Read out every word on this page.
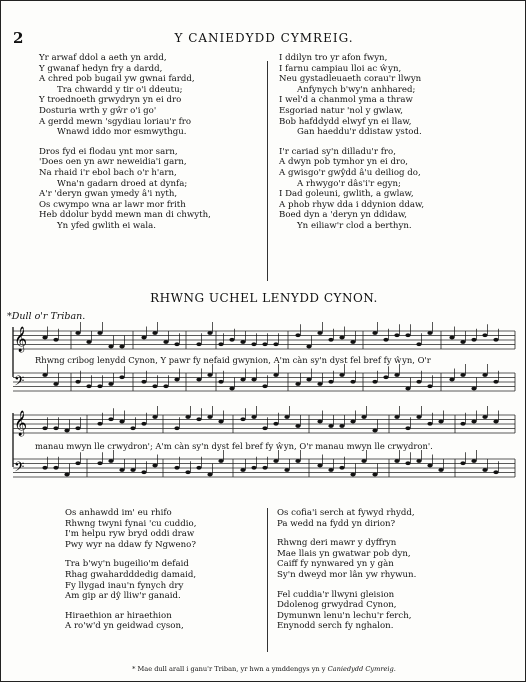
2	Y CANIEDYDD CYMREIG.
Yr arwaf ddol a aeth yn ardd,
Y gwanaf hedyn fry a dardd,
A chred pob bugail yw gwnai fardd,
Tra chwardd y tir o'i ddeutu;
Y troednoeth grwydryn yn ei dro
Dosturia wrth y gŵr o'i go'
A gerdd mewn 'sgydiau loriau'r fro
Wnawd iddo mor esmwythgu.
Dros fyd ei flodau ynt mor sarn,
'Does oen yn awr neweidia'i garn,
Na rhaid i'r ebol bach o'r h'arn,
Wna'n gadarn droed at dynfa;
A'r 'deryn gwan ymedy â'i nyth,
Os cwympo wna ar lawr mor frith
Heb ddolur bydd mewn man di chwyth,
Yn yfed gwlith ei wala.
I ddilyn tro yr afon fwyn,
I farnu campiau lloi ac ŵyn,
Neu gystadleuaeth corau'r llwyn
Anfynych b'wy'n anhhared;
I wel'd a chanmol yma a thraw
Esgoriad natur 'nol y gwlaw,
Bob hafddydd elwyf yn ei llaw,
Gan haeddu'r ddistaw ystod.
I'r cariad sy'n dilladu'r fro,
A dwyn pob tymhor yn ei dro,
A gwisgo'r gwŷdd â'u deiliog do,
A rhwygo'r dâs'i'r egyn;
I Dad goleuni, gwlith, a gwlaw,
A phob rhyw dda i ddynion ddaw,
Boed dyn a 'deryn yn ddidaw,
Yn eiliaw'r clod a berthyn.
RHWNG UCHEL LENYDD CYNON.
*Dull o'r Triban.
𝄞
𝄢
𝄞
𝄢
Rhwng cribog lenydd Cynon, Y pawr fy nefaid gwynion, A'm càn sy'n dyst fel bref fy ŵyn, O'r
manau mwyn lle crwydron'; A'm càn sy'n dyst fel bref fy ŵyn, O'r manau mwyn lle crwydron'.
Os anhawdd im' eu rhifo
Rhwng twyni fynai 'cu cuddio,
I'm helpu ryw bryd oddi draw
Pwy wyr na ddaw fy Ngweno?
Tra b'wy'n bugeilio'm defaid
Rhag gwahardddedig damaid,
Fy llygad inau'n fynych dry
Am gip ar dŷ lliw'r ganaid.
Hiraethion ar hiraethion
A ro'w'd yn geidwad cyson,
Os cofia'i serch at fywyd rhydd,
Pa wedd na fydd yn dirion?
Rhwng deri mawr y dyffryn
Mae llais yn gwatwar pob dyn,
Caiff fy nynwared yn y gàn
Sy'n dweyd mor lân yw rhywun.
Fel cuddia'r llwyni gleision
Ddolenog grwydrad Cynon,
Dymunwn lenu'n lechu'r ferch,
Enynodd serch fy nghalon.
* Mae dull arall i ganu'r Triban, yr hwn a ymddengys yn y Caniedydd Cymreig.
